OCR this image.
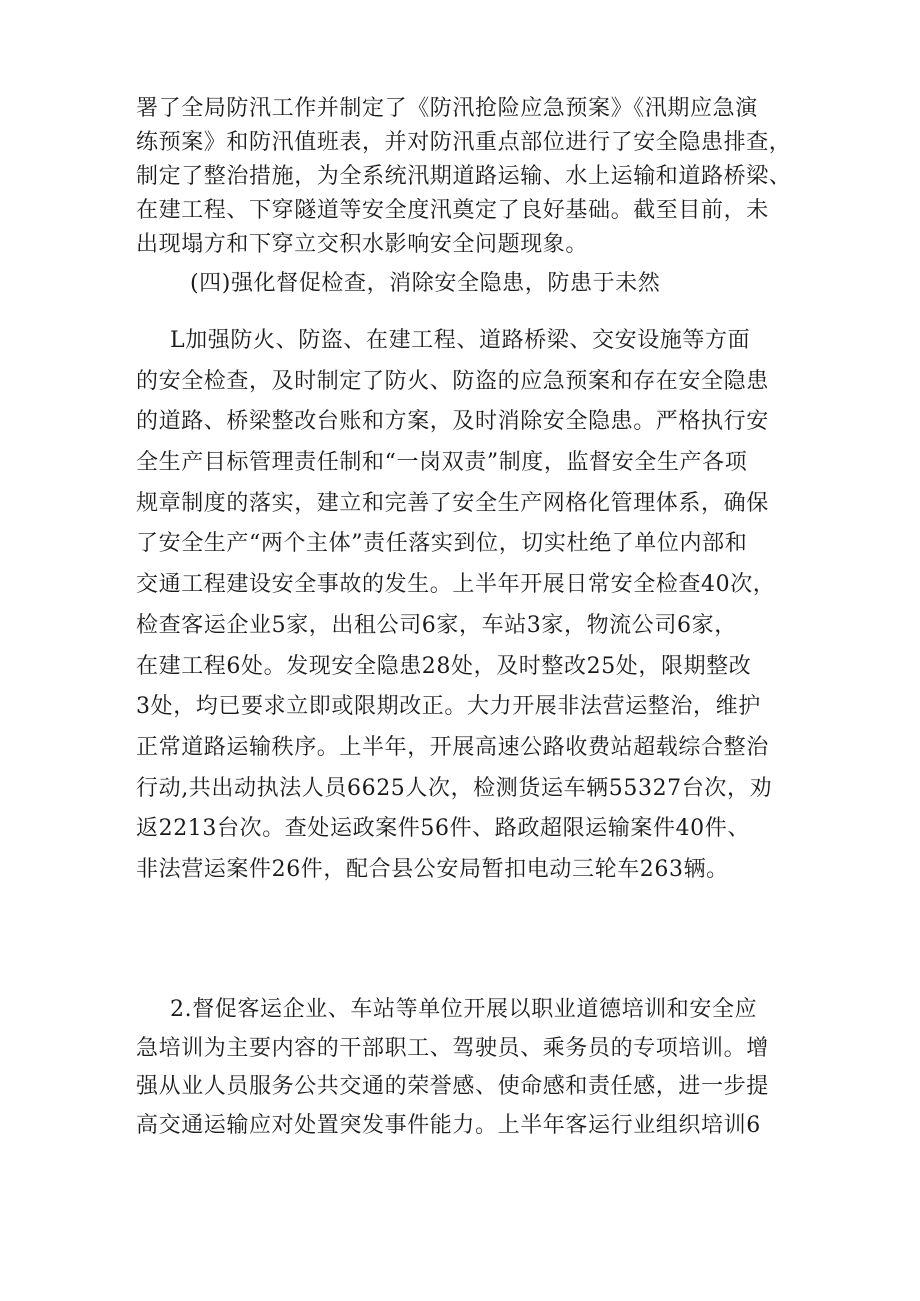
署了全局防汛工作并制定了《防汛抢险应急预案》《汛期应急演
练预案》和防汛值班表，并对防汛重点部位进行了安全隐患排查，
制定了整治措施，为全系统汛期道路运输、水上运输和道路桥梁、
在建工程、下穿隧道等安全度汛奠定了良好基础。截至目前，未
出现塌方和下穿立交积水影响安全问题现象。
(四)强化督促检查，消除安全隐患，防患于未然
L加强防火、防盗、在建工程、道路桥梁、交安设施等方面
的安全检查，及时制定了防火、防盗的应急预案和存在安全隐患
的道路、桥梁整改台账和方案，及时消除安全隐患。严格执行安
全生产目标管理责任制和“一岗双责”制度，监督安全生产各项
规章制度的落实，建立和完善了安全生产网格化管理体系，确保
了安全生产“两个主体”责任落实到位，切实杜绝了单位内部和
交通工程建设安全事故的发生。上半年开展日常安全检查40次，
检查客运企业5家，出租公司6家，车站3家，物流公司6家，
在建工程6处。发现安全隐患28处，及时整改25处，限期整改
3处，均已要求立即或限期改正。大力开展非法营运整治，维护
正常道路运输秩序。上半年，开展高速公路收费站超载综合整治
行动,共出动执法人员6625人次，检测货运车辆55327台次，劝
返2213台次。查处运政案件56件、路政超限运输案件40件、
非法营运案件26件，配合县公安局暂扣电动三轮车263辆。
2.督促客运企业、车站等单位开展以职业道德培训和安全应
急培训为主要内容的干部职工、驾驶员、乘务员的专项培训。增
强从业人员服务公共交通的荣誉感、使命感和责任感，进一步提
高交通运输应对处置突发事件能力。上半年客运行业组织培训6
